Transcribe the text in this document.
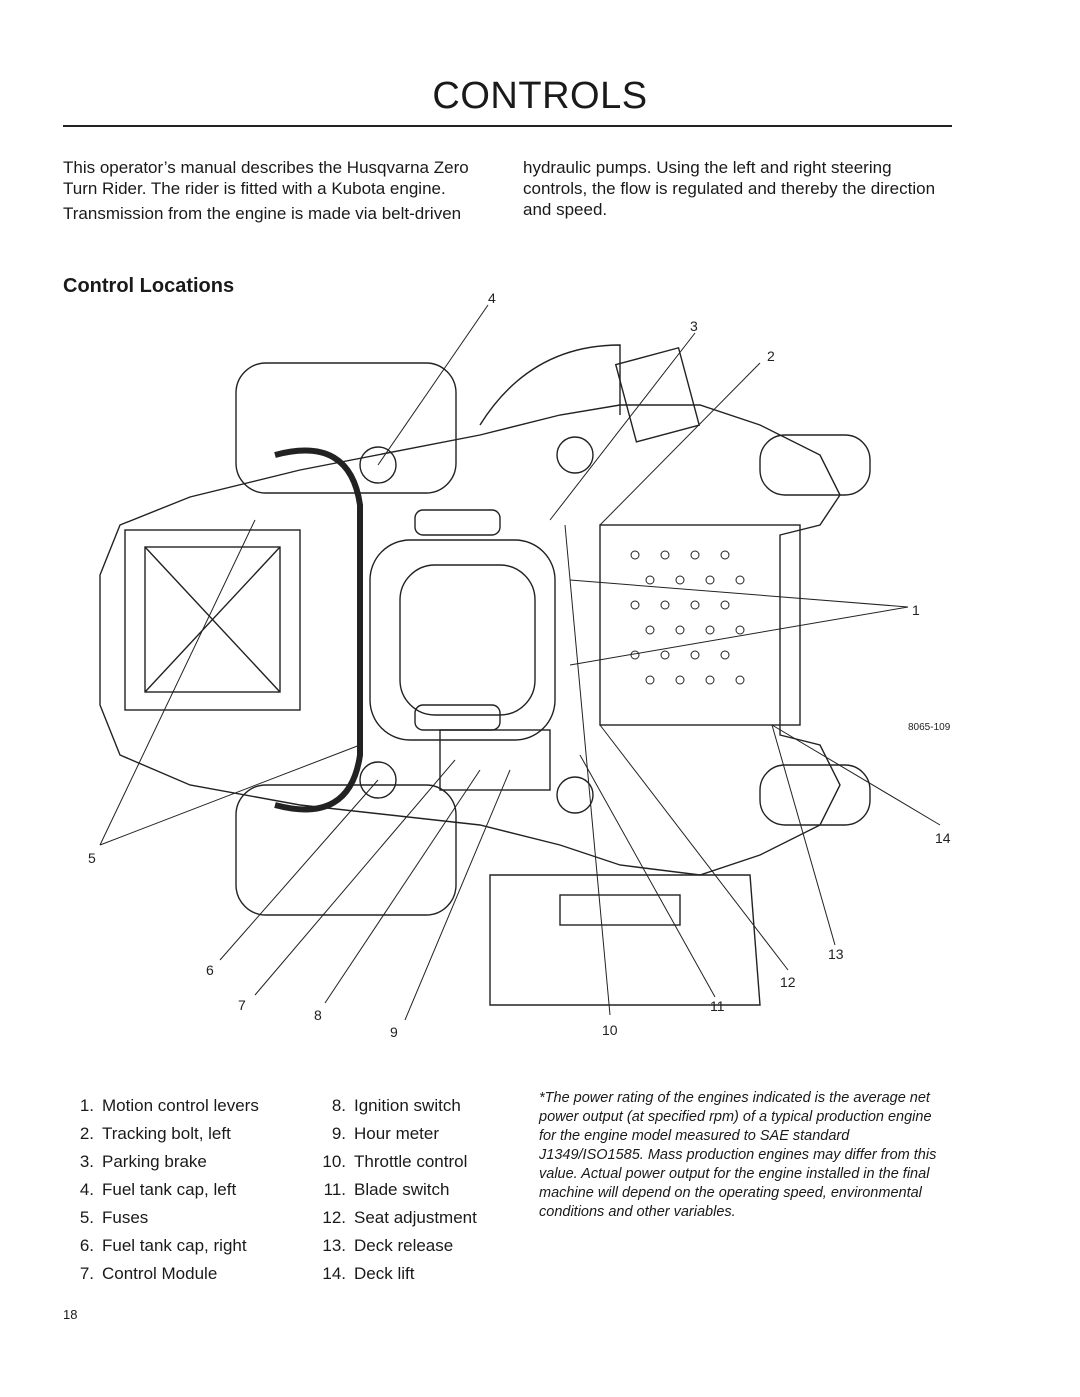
CONTROLS

This operator’s manual describes the Husqvarna Zero Turn Rider. The rider is fitted with a Kubota engine.

Transmission from the engine is made via belt-driven

hydraulic pumps. Using the left and right steering controls, the flow is regulated and thereby the direction and speed.

Control Locations
4
3
2
1
5
6
7
8
9	10
11
12
13
14
8065-109
1. Motion control levers
2. Tracking bolt, left
3. Parking brake
4. Fuel tank cap, left
5. Fuses
6. Fuel tank cap, right
7. Control Module
8. Ignition switch
9. Hour meter
10. Throttle control
11. Blade switch
12. Seat adjustment
13. Deck release
14. Deck lift
*The power rating of the engines indicated is the average net power output (at specified rpm) of a typical production engine for the engine model measured to SAE standard J1349/ISO1585. Mass production engines may differ from this value. Actual power output for the engine installed in the final machine will depend on the operating speed, environmental conditions and other variables.
18
